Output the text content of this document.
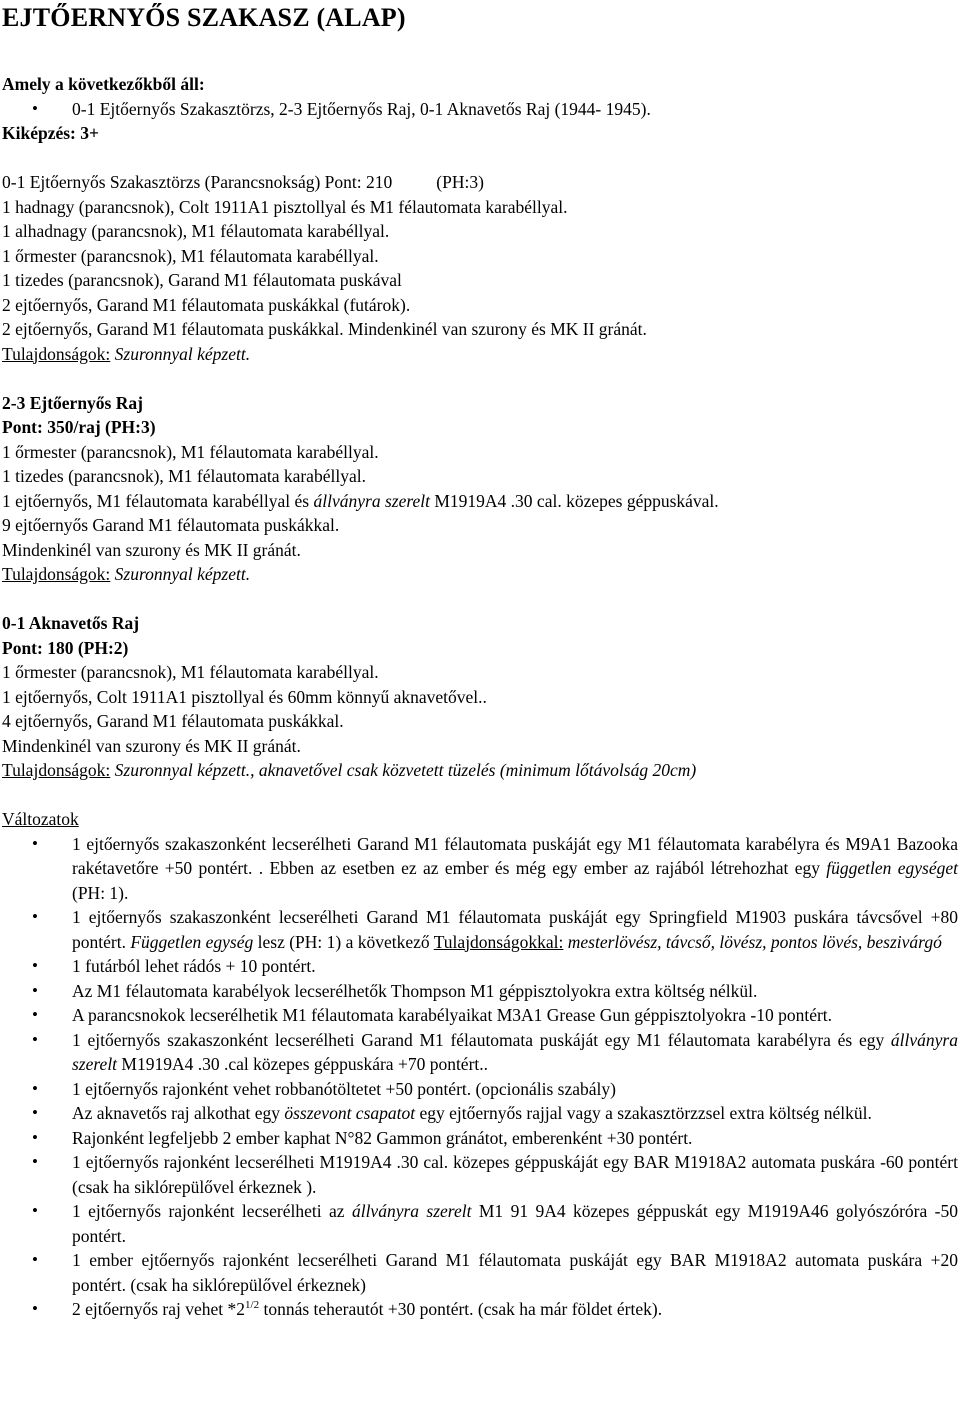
EJTŐERNYŐS SZAKASZ (ALAP)
Amely a következőkből áll:
• 0-1 Ejtőernyős Szakasztörzs, 2-3 Ejtőernyős Raj, 0-1 Aknavetős Raj (1944- 1945).
Kiképzés: 3+
0-1 Ejtőernyős Szakasztörzs (Parancsnokság) Pont: 210	(PH:3)
1 hadnagy (parancsnok), Colt 1911A1 pisztollyal és M1 félautomata karabéllyal.
1 alhadnagy (parancsnok), M1 félautomata karabéllyal.
1 őrmester (parancsnok), M1 félautomata karabéllyal.
1 tizedes (parancsnok), Garand M1 félautomata puskával
2 ejtőernyős, Garand M1 félautomata puskákkal (futárok).
2 ejtőernyős, Garand M1 félautomata puskákkal. Mindenkinél van szurony és MK II gránát.
Tulajdonságok: Szuronnyal képzett.
2-3 Ejtőernyős Raj
Pont: 350/raj (PH:3)
1 őrmester (parancsnok), M1 félautomata karabéllyal.
1 tizedes (parancsnok), M1 félautomata karabéllyal.
1 ejtőernyős, M1 félautomata karabéllyal és állványra szerelt M1919A4 .30 cal. közepes géppuskával.
9 ejtőernyős Garand M1 félautomata puskákkal.
Mindenkinél van szurony és MK II gránát.
Tulajdonságok: Szuronnyal képzett.
0-1 Aknavetős Raj
Pont: 180 (PH:2)
1 őrmester (parancsnok), M1 félautomata karabéllyal.
1 ejtőernyős, Colt 1911A1 pisztollyal és 60mm könnyű aknavetővel..
4 ejtőernyős, Garand M1 félautomata puskákkal.
Mindenkinél van szurony és MK II gránát.
Tulajdonságok: Szuronnyal képzett., aknavetővel csak közvetett tüzelés (minimum lőtávolság 20cm)
Változatok
• 1 ejtőernyős szakaszonként lecserélheti Garand M1 félautomata puskáját egy M1 félautomata karabélyra és M9A1 Bazooka rakétavetőre +50 pontért. . Ebben az esetben ez az ember és még egy ember az rajából létrehozhat egy független egységet (PH: 1).
• 1 ejtőernyős szakaszonként lecserélheti Garand M1 félautomata puskáját egy Springfield M1903 puskára távcsővel +80 pontért. Független egység lesz (PH: 1) a következő Tulajdonságokkal: mesterlövész, távcső, lövész, pontos lövés, beszivárgó
• 1 futárból lehet rádós + 10 pontért.
• Az M1 félautomata karabélyok lecserélhetők Thompson M1 géppisztolyokra extra költség nélkül.
• A parancsnokok lecserélhetik M1 félautomata karabélyaikat M3A1 Grease Gun géppisztolyokra -10 pontért.
• 1 ejtőernyős szakaszonként lecserélheti Garand M1 félautomata puskáját egy M1 félautomata karabélyra és egy állványra szerelt M1919A4 .30 .cal közepes géppuskára +70 pontért..
• 1 ejtőernyős rajonként vehet robbanótöltetet +50 pontért. (opcionális szabály)
• Az aknavetős raj alkothat egy összevont csapatot egy ejtőernyős rajjal vagy a szakasztörzzsel extra költség nélkül.
• Rajonként legfeljebb 2 ember kaphat N°82 Gammon gránátot, emberenként +30 pontért.
• 1 ejtőernyős rajonként lecserélheti M1919A4 .30 cal. közepes géppuskáját egy BAR M1918A2 automata puskára -60 pontért (csak ha siklórepülővel érkeznek ).
• 1 ejtőernyős rajonként lecserélheti az állványra szerelt M1 91 9A4 közepes géppuskát egy M1919A46 golyószóróra -50 pontért.
• 1 ember ejtőernyős rajonként lecserélheti Garand M1 félautomata puskáját egy BAR M1918A2 automata puskára +20 pontért. (csak ha siklórepülővel érkeznek)
• 2 ejtőernyős raj vehet $*2^{1/2}$ tonnás teherautót +30 pontért. (csak ha már földet értek).
